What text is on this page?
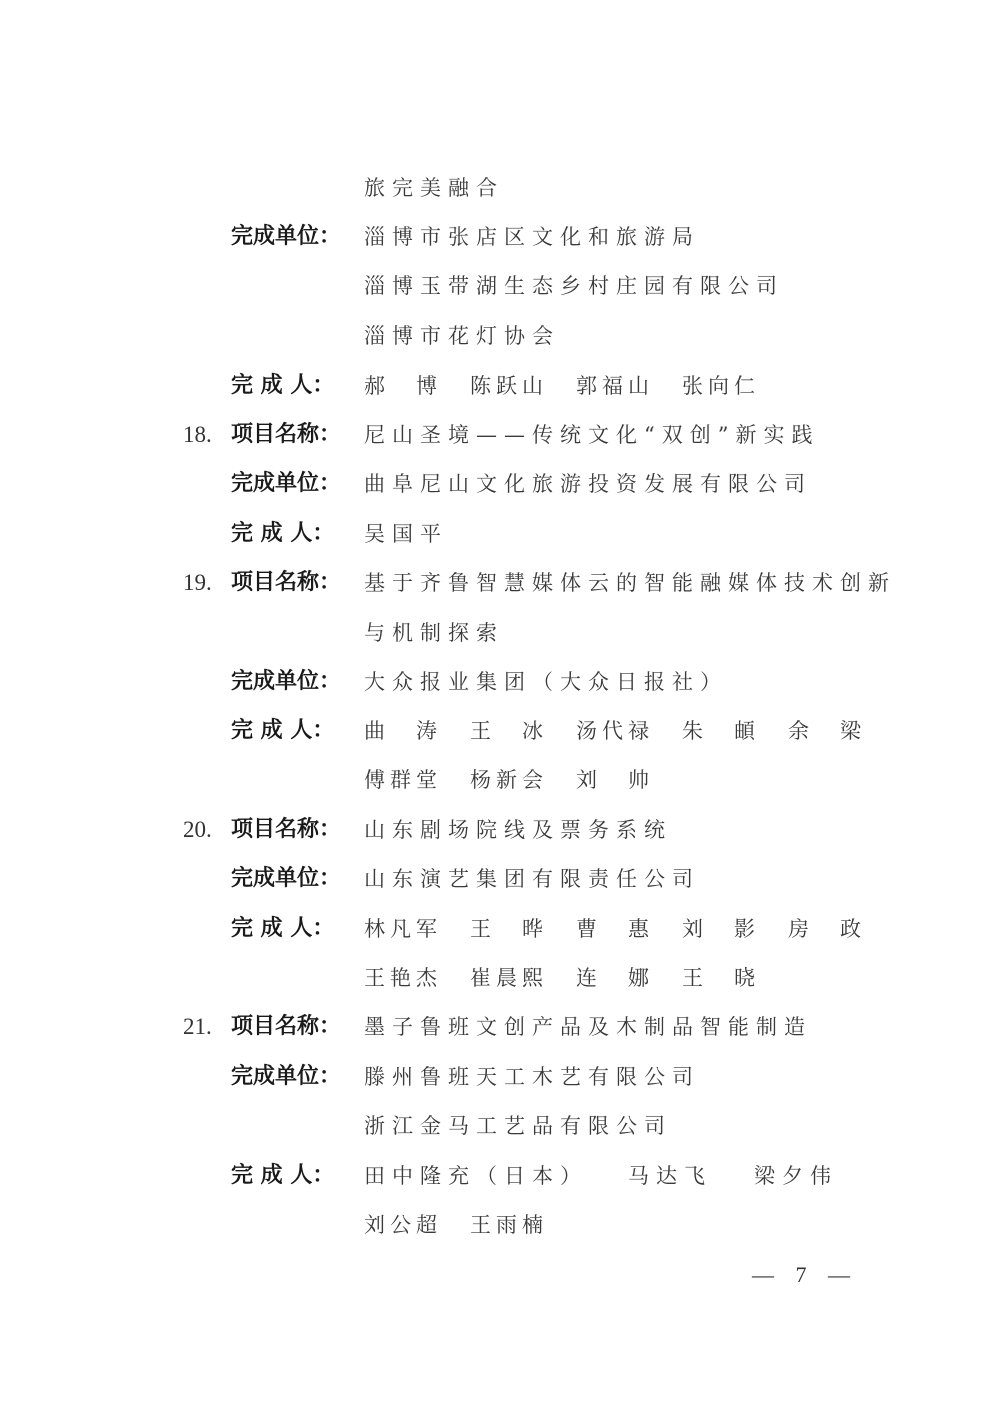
旅完美融合
完成单位： 淄博市张店区文化和旅游局
淄博玉带湖生态乡村庄园有限公司
淄博市花灯协会
完 成 人： 郝　博 陈跃山 郭福山 张向仁
18. 项目名称： 尼山圣境——传统文化“双创”新实践
完成单位： 曲阜尼山文化旅游投资发展有限公司
完 成 人： 吴国平
19. 项目名称： 基于齐鲁智慧媒体云的智能融媒体技术创新
与机制探索
完成单位： 大众报业集团（大众日报社）
完 成 人： 曲　涛 王　冰 汤代禄 朱　頔 余　梁
傅群堂 杨新会 刘　帅
20. 项目名称： 山东剧场院线及票务系统
完成单位： 山东演艺集团有限责任公司
完 成 人： 林凡军 王　晔 曹　惠 刘　影 房　政
王艳杰 崔晨熙 连　娜 王　晓
21. 项目名称： 墨子鲁班文创产品及木制品智能制造
完成单位： 滕州鲁班天工木艺有限公司
浙江金马工艺品有限公司
完 成 人： 田中隆充（日本） 马达飞 梁夕伟
刘公超 王雨楠
— 7 —
